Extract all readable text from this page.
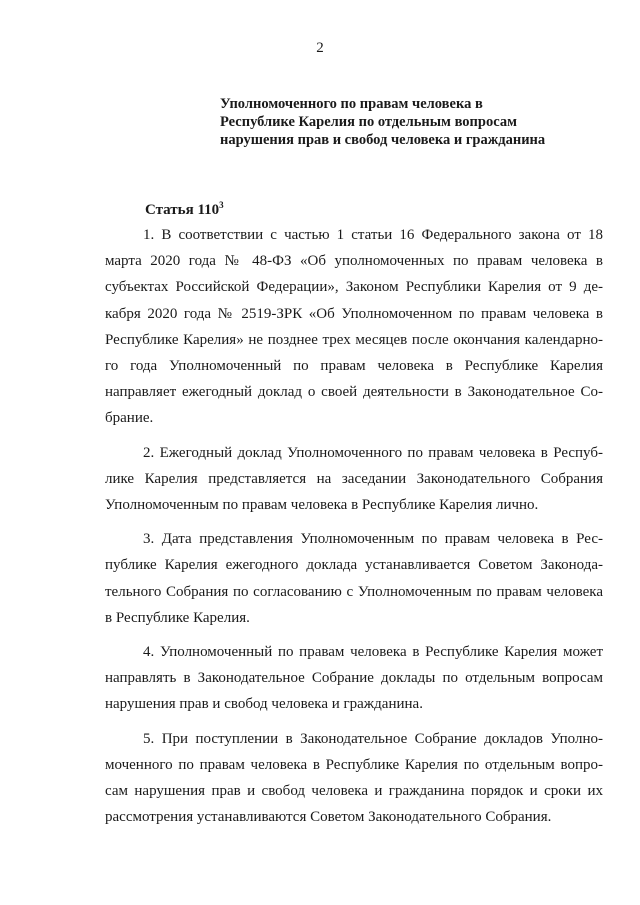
2
Уполномоченного по правам человека в
Республике Карелия по отдельным вопросам
нарушения прав и свобод человека и гражданина
Статья $110^3$

1. В соответствии с частью 1 статьи 16 Федерального закона от 18 марта 2020 года № 48-ФЗ «Об уполномоченных по правам человека в субъектах Российской Федерации», Законом Республики Карелия от 9 декабря 2020 года № 2519-ЗРК «Об Уполномоченном по правам человека в Республике Карелия» не позднее трех месяцев после окончания календарного года Уполномоченный по правам человека в Республике Карелия направляет ежегодный доклад о своей деятельности в Законодательное Собрание.

2. Ежегодный доклад Уполномоченного по правам человека в Республике Карелия представляется на заседании Законодательного Собрания Уполномоченным по правам человека в Республике Карелия лично.

3. Дата представления Уполномоченным по правам человека в Республике Карелия ежегодного доклада устанавливается Советом Законодательного Собрания по согласованию с Уполномоченным по правам человека в Республике Карелия.

4. Уполномоченный по правам человека в Республике Карелия может направлять в Законодательное Собрание доклады по отдельным вопросам нарушения прав и свобод человека и гражданина.

5. При поступлении в Законодательное Собрание докладов Уполномоченного по правам человека в Республике Карелия по отдельным вопросам нарушения прав и свобод человека и гражданина порядок и сроки их рассмотрения устанавливаются Советом Законодательного Собрания.
